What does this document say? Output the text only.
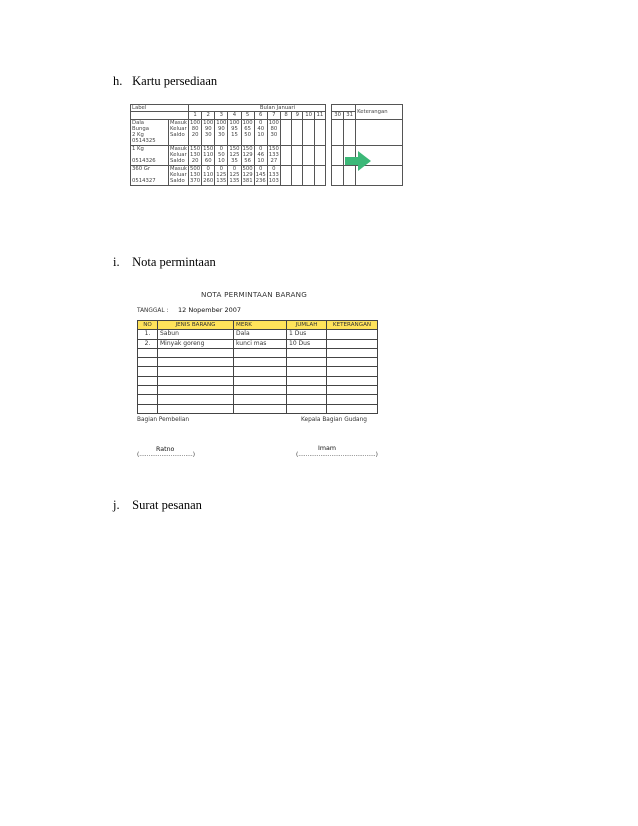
h. Kartu persediaan
Label		Bulan Januari														Keterangan
		1	2	3	4	5	6	7	8	9	10	11		30	31	
Dala	Masuk	100	100	100	100	100	0	100								
Bunga	Keluar	80	90	90	95	65	40	80								
2 Kg	Saldo	20	30	30	15	50	10	30								
0514325																
1 Kg	Masuk	150	150	0	150	150	0	150								
	Keluar	130	110	50	125	129	46	133								
0514326	Saldo	20	60	10	35	56	10	27								
360 Gr	Masuk	500	0	0	0	500	0	0								
	Keluar	130	110	125	125	129	145	133								
0514327	Saldo	370	260	135	135	381	236	103								
i. Nota permintaan
NOTA PERMINTAAN BARANG
TANGGAL : 12 Nopember 2007
NO	JENIS BARANG	MERK	JUMLAH	KETERANGAN
1.	Sabun	Dala	1 Dus	
2.	Minyak goreng	kunci mas	10 Dus	

Bagian Pembelian	Kepala Bagian Gudang
Ratno	Imam
(.............................)	(..........................................)
j. Surat pesanan
